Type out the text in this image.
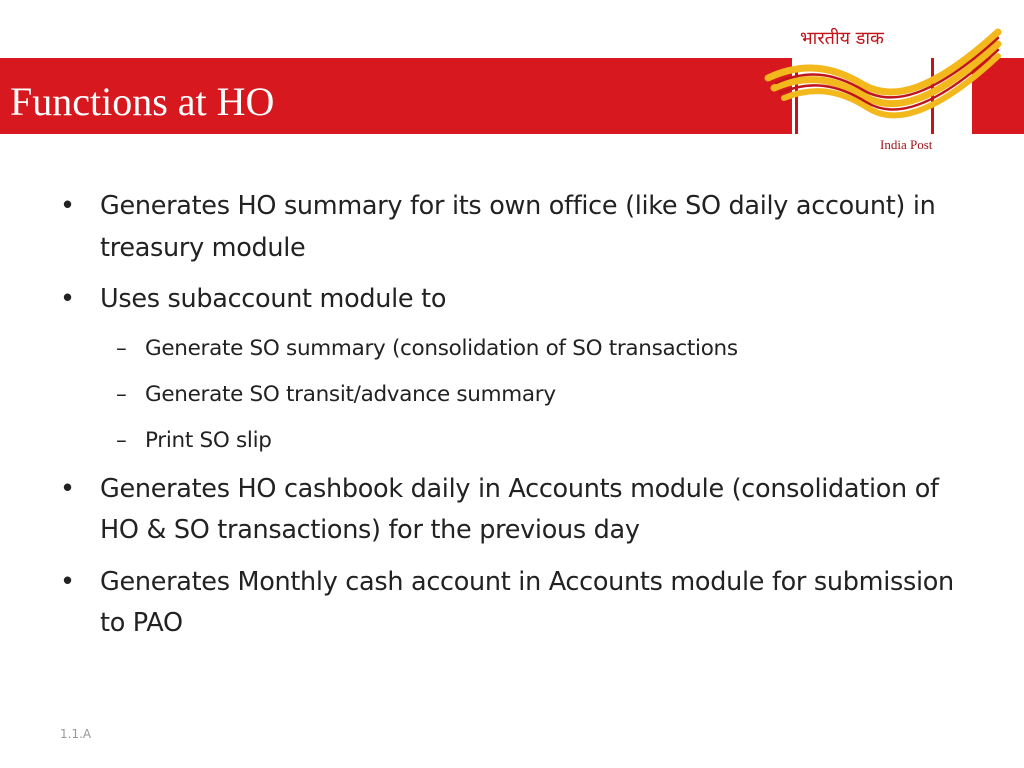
Functions at HO
भारतीय डाक
India Post
• Generates HO summary for its own office (like SO daily account) in treasury module
• Uses subaccount module to
– Generate SO summary (consolidation of SO transactions
– Generate SO transit/advance summary
– Print SO slip
• Generates HO cashbook daily in Accounts module (consolidation of HO & SO transactions) for the previous day
• Generates Monthly cash account in Accounts module for submission to PAO
1.1.A
